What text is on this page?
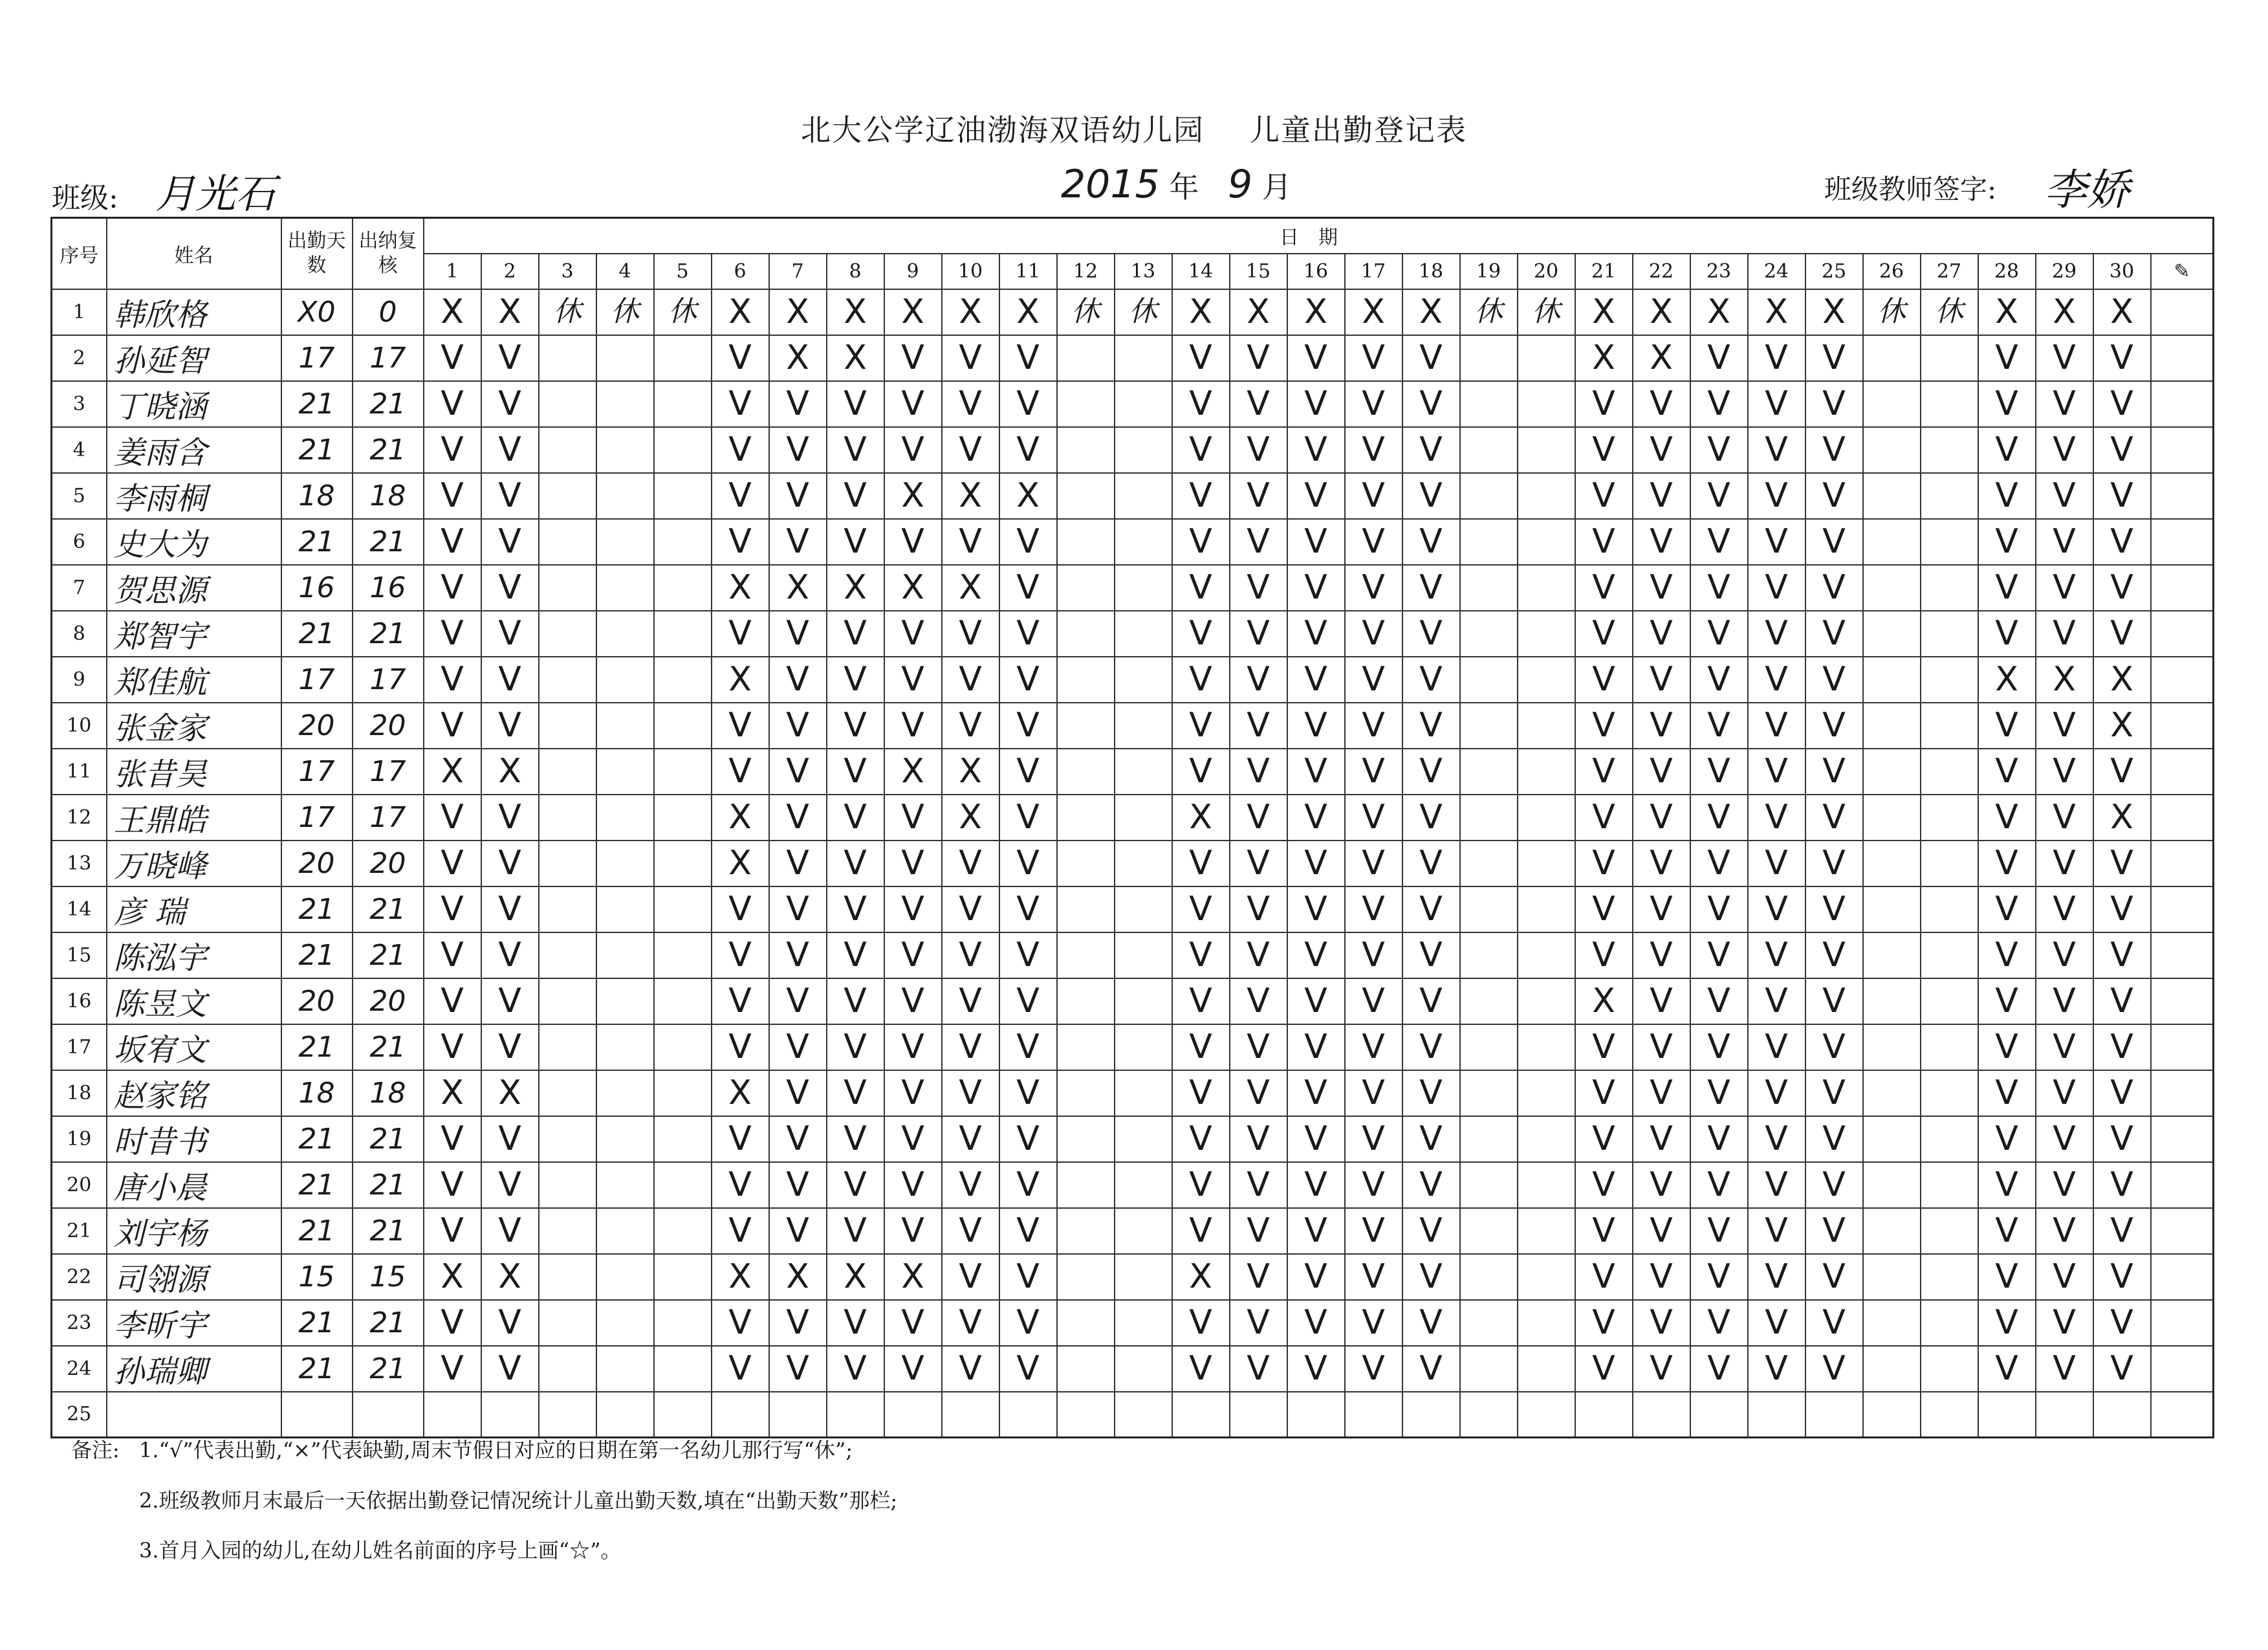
北大公学辽油渤海双语幼儿园 儿童出勤登记表
班级: 月光石	2015 年 9 月	班级教师签字: 李娇
序号	姓名	出勤天数	出纳复核	日期																														
				1	2	3	4	5	6	7	8	9	10	11	12	13	14	15	16	17	18	19	20	21	22	23	24	25	26	27	28	29	30	✎
1	韩欣格	X0	0	X	X	休	休	休	X	X	X	X	X	X	休	休	X	X	X	X	X	休	休	X	X	X	X	X	休	休	X	X	X	
2	孙延智	17	17	V	V				V	X	X	V	V	V			V	V	V	V	V			X	X	V	V	V			V	V	V	
3	丁晓涵	21	21	V	V				V	V	V	V	V	V			V	V	V	V	V			V	V	V	V	V			V	V	V	
4	姜雨含	21	21	V	V				V	V	V	V	V	V			V	V	V	V	V			V	V	V	V	V			V	V	V	
5	李雨桐	18	18	V	V				V	V	V	X	X	X			V	V	V	V	V			V	V	V	V	V			V	V	V	
6	史大为	21	21	V	V				V	V	V	V	V	V			V	V	V	V	V			V	V	V	V	V			V	V	V	
7	贺思源	16	16	V	V				X	X	X	X	X	V			V	V	V	V	V			V	V	V	V	V			V	V	V	
8	郑智宇	21	21	V	V				V	V	V	V	V	V			V	V	V	V	V			V	V	V	V	V			V	V	V	
9	郑佳航	17	17	V	V				X	V	V	V	V	V			V	V	V	V	V			V	V	V	V	V			X	X	X	
10	张金家	20	20	V	V				V	V	V	V	V	V			V	V	V	V	V			V	V	V	V	V			V	V	X	
11	张昔昊	17	17	X	X				V	V	V	X	X	V			V	V	V	V	V			V	V	V	V	V			V	V	V	
12	王鼎皓	17	17	V	V				X	V	V	V	X	V			X	V	V	V	V			V	V	V	V	V			V	V	X	
13	万晓峰	20	20	V	V				X	V	V	V	V	V			V	V	V	V	V			V	V	V	V	V			V	V	V	
14	彦 瑞	21	21	V	V				V	V	V	V	V	V			V	V	V	V	V			V	V	V	V	V			V	V	V	
15	陈泓宇	21	21	V	V				V	V	V	V	V	V			V	V	V	V	V			V	V	V	V	V			V	V	V	
16	陈昱文	20	20	V	V				V	V	V	V	V	V			V	V	V	V	V			X	V	V	V	V			V	V	V	
17	坂宥文	21	21	V	V				V	V	V	V	V	V			V	V	V	V	V			V	V	V	V	V			V	V	V	
18	赵家铭	18	18	X	X				X	V	V	V	V	V			V	V	V	V	V			V	V	V	V	V			V	V	V	
19	时昔书	21	21	V	V				V	V	V	V	V	V			V	V	V	V	V			V	V	V	V	V			V	V	V	
20	唐小晨	21	21	V	V				V	V	V	V	V	V			V	V	V	V	V			V	V	V	V	V			V	V	V	
21	刘宇杨	21	21	V	V				V	V	V	V	V	V			V	V	V	V	V			V	V	V	V	V			V	V	V	
22	司翎源	15	15	X	X				X	X	X	X	V	V			X	V	V	V	V			V	V	V	V	V			V	V	V	
23	李昕宇	21	21	V	V				V	V	V	V	V	V			V	V	V	V	V			V	V	V	V	V			V	V	V	
24	孙瑞卿	21	21	V	V				V	V	V	V	V	V			V	V	V	V	V			V	V	V	V	V			V	V	V	
25																																		
备注: 1.“√”代表出勤,“×”代表缺勤,周末节假日对应的日期在第一名幼儿那行写“休”;
2.班级教师月末最后一天依据出勤登记情况统计儿童出勤天数,填在“出勤天数”那栏;
3.首月入园的幼儿,在幼儿姓名前面的序号上画“☆”。
